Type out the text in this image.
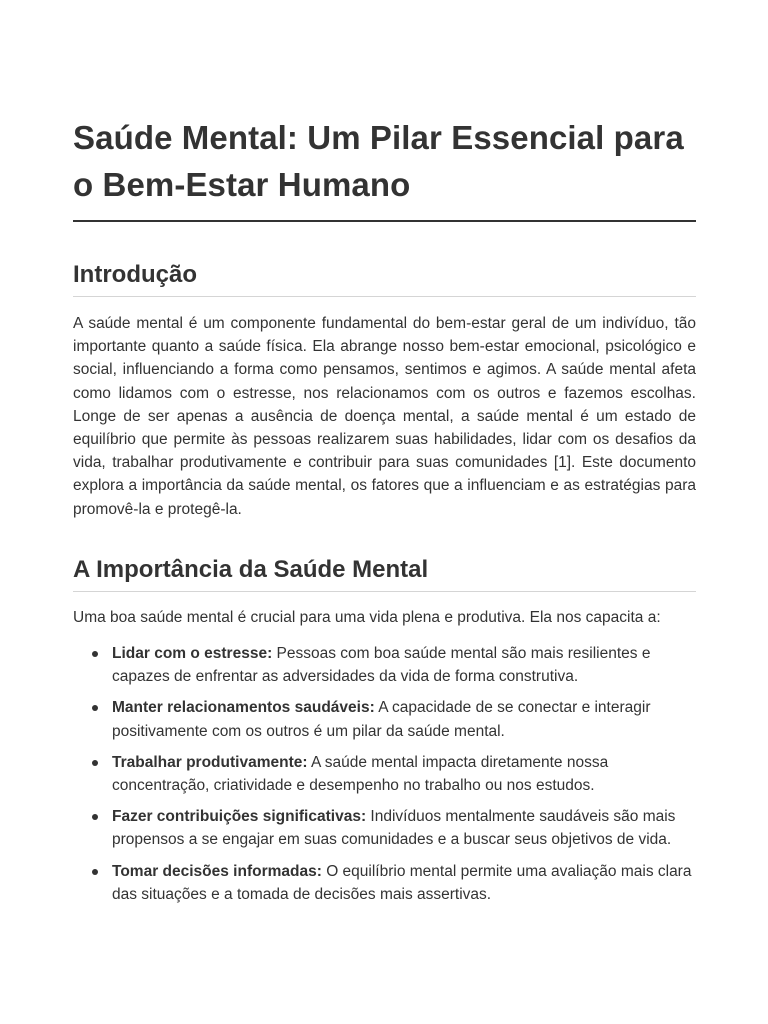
Saúde Mental: Um Pilar Essencial para o Bem-Estar Humano
Introdução

A saúde mental é um componente fundamental do bem-estar geral de um indivíduo, tão importante quanto a saúde física. Ela abrange nosso bem-estar emocional, psicológico e social, influenciando a forma como pensamos, sentimos e agimos. A saúde mental afeta como lidamos com o estresse, nos relacionamos com os outros e fazemos escolhas. Longe de ser apenas a ausência de doença mental, a saúde mental é um estado de equilíbrio que permite às pessoas realizarem suas habilidades, lidar com os desafios da vida, trabalhar produtivamente e contribuir para suas comunidades [1]. Este documento explora a importância da saúde mental, os fatores que a influenciam e as estratégias para promovê-la e protegê-la.

A Importância da Saúde Mental

Uma boa saúde mental é crucial para uma vida plena e produtiva. Ela nos capacita a:

Lidar com o estresse: Pessoas com boa saúde mental são mais resilientes e capazes de enfrentar as adversidades da vida de forma construtiva.
Manter relacionamentos saudáveis: A capacidade de se conectar e interagir positivamente com os outros é um pilar da saúde mental.
Trabalhar produtivamente: A saúde mental impacta diretamente nossa concentração, criatividade e desempenho no trabalho ou nos estudos.
Fazer contribuições significativas: Indivíduos mentalmente saudáveis são mais propensos a se engajar em suas comunidades e a buscar seus objetivos de vida.
Tomar decisões informadas: O equilíbrio mental permite uma avaliação mais clara das situações e a tomada de decisões mais assertivas.
